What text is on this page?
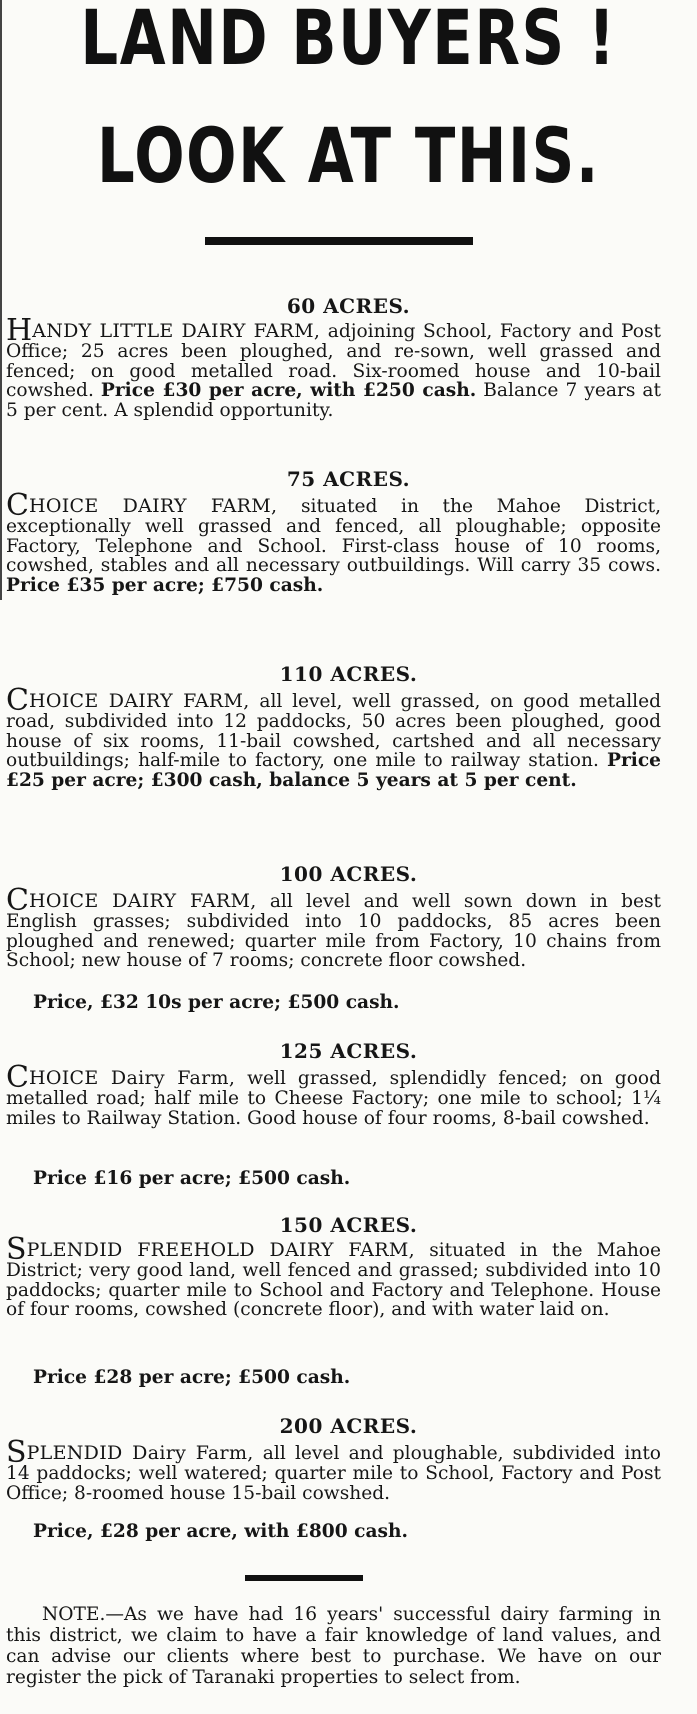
LAND BUYERS !
LOOK AT THIS.
60 ACRES.
HANDY LITTLE DAIRY FARM, adjoining School, Factory and Post Office; 25 acres been ploughed, and re-sown, well grassed and fenced; on good metalled road. Six-roomed house and 10-bail cowshed. Price £30 per acre, with £250 cash. Balance 7 years at 5 per cent. A splendid opportunity.
75 ACRES.
CHOICE DAIRY FARM, situated in the Mahoe District, exceptionally well grassed and fenced, all ploughable; opposite Factory, Telephone and School. First-class house of 10 rooms, cowshed, stables and all necessary outbuildings. Will carry 35 cows. Price £35 per acre; £750 cash.
110 ACRES.
CHOICE DAIRY FARM, all level, well grassed, on good metalled road, subdivided into 12 paddocks, 50 acres been ploughed, good house of six rooms, 11-bail cowshed, cartshed and all necessary outbuildings; half-mile to factory, one mile to railway station. Price £25 per acre; £300 cash, balance 5 years at 5 per cent.
100 ACRES.
CHOICE DAIRY FARM, all level and well sown down in best English grasses; subdivided into 10 paddocks, 85 acres been ploughed and renewed; quarter mile from Factory, 10 chains from School; new house of 7 rooms; concrete floor cowshed.
Price, £32 10s per acre; £500 cash.
125 ACRES.
CHOICE Dairy Farm, well grassed, splendidly fenced; on good metalled road; half mile to Cheese Factory; one mile to school; 1¼ miles to Railway Station. Good house of four rooms, 8-bail cowshed.
Price £16 per acre; £500 cash.
150 ACRES.
SPLENDID FREEHOLD DAIRY FARM, situated in the Mahoe District; very good land, well fenced and grassed; subdivided into 10 paddocks; quarter mile to School and Factory and Telephone. House of four rooms, cowshed (concrete floor), and with water laid on.
Price £28 per acre; £500 cash.
200 ACRES.
SPLENDID Dairy Farm, all level and ploughable, subdivided into 14 paddocks; well watered; quarter mile to School, Factory and Post Office; 8-roomed house 15-bail cowshed.
Price, £28 per acre, with £800 cash.
NOTE.—As we have had 16 years' successful dairy farming in this district, we claim to have a fair knowledge of land values, and can advise our clients where best to purchase. We have on our register the pick of Taranaki properties to select from.
